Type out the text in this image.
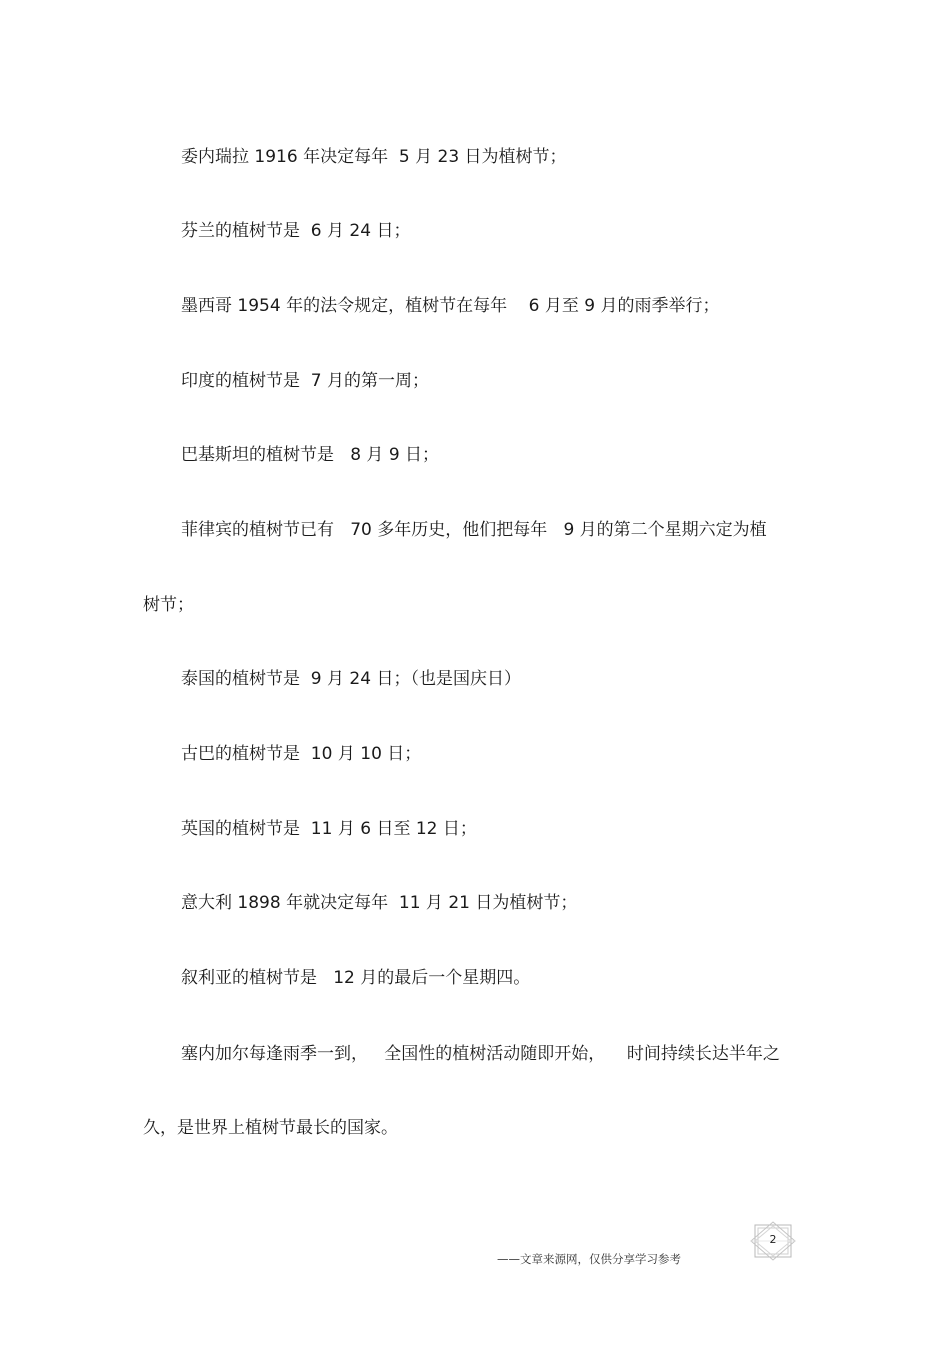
委内瑞拉 1916 年决定每年  5 月 23 日为植树节；
芬兰的植树节是  6 月 24 日；
墨西哥 1954 年的法令规定，植树节在每年    6 月至 9 月的雨季举行；
印度的植树节是  7 月的第一周；
巴基斯坦的植树节是   8 月 9 日；
菲律宾的植树节已有   70 多年历史，他们把每年   9 月的第二个星期六定为植
树节；
泰国的植树节是  9 月 24 日；（也是国庆日）
古巴的植树节是  10 月 10 日；
英国的植树节是  11 月 6 日至 12 日；
意大利 1898 年就决定每年  11 月 21 日为植树节；
叙利亚的植树节是   12 月的最后一个星期四。
塞内加尔每逢雨季一到，   全国性的植树活动随即开始，    时间持续长达半年之
久，是世界上植树节最长的国家。
——文章来源网，仅供分享学习参考
2
